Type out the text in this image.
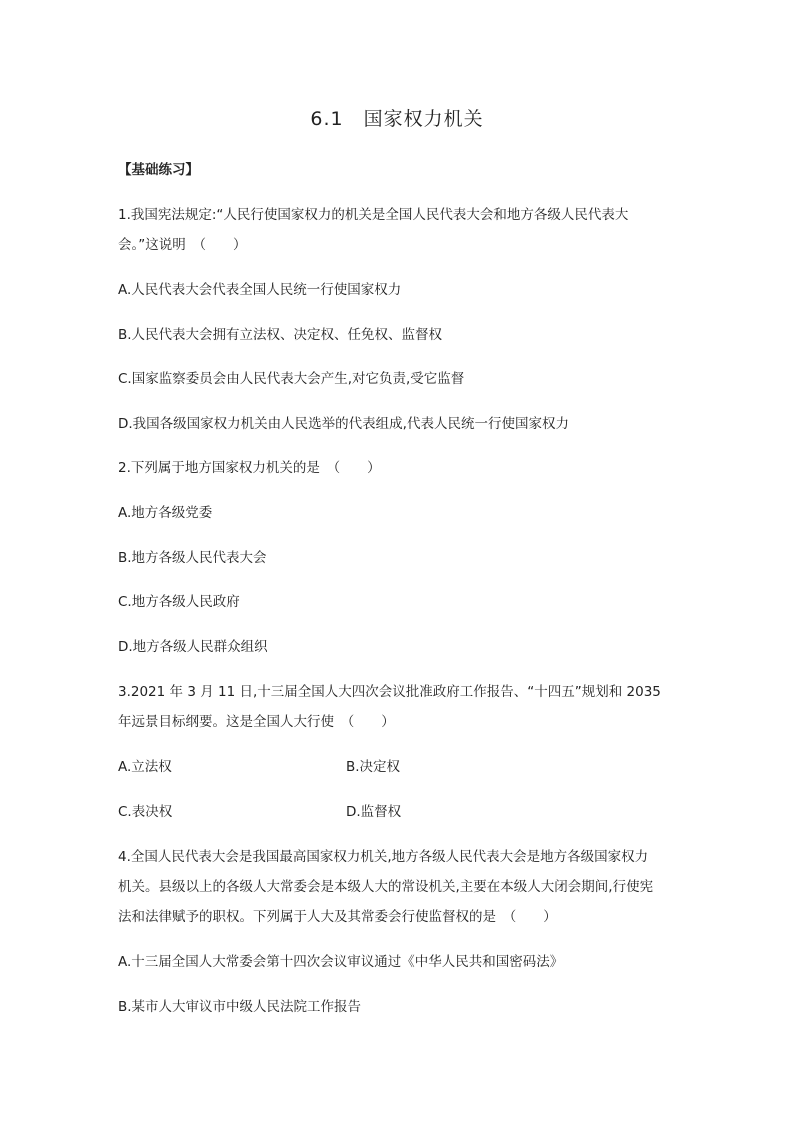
6.1　国家权力机关
【基础练习】
1.我国宪法规定:“人民行使国家权力的机关是全国人民代表大会和地方各级人民代表大
会。”这说明　（　　）
A.人民代表大会代表全国人民统一行使国家权力
B.人民代表大会拥有立法权、决定权、任免权、监督权
C.国家监察委员会由人民代表大会产生,对它负责,受它监督
D.我国各级国家权力机关由人民选举的代表组成,代表人民统一行使国家权力
2.下列属于地方国家权力机关的是　（　　）
A.地方各级党委
B.地方各级人民代表大会
C.地方各级人民政府
D.地方各级人民群众组织
3.2021 年 3 月 11 日,十三届全国人大四次会议批准政府工作报告、“十四五”规划和 2035
年远景目标纲要。这是全国人大行使　（　　）
A.立法权	B.决定权
C.表决权	D.监督权
4.全国人民代表大会是我国最高国家权力机关,地方各级人民代表大会是地方各级国家权力
机关。县级以上的各级人大常委会是本级人大的常设机关,主要在本级人大闭会期间,行使宪
法和法律赋予的职权。下列属于人大及其常委会行使监督权的是　（　　）
A.十三届全国人大常委会第十四次会议审议通过《中华人民共和国密码法》
B.某市人大审议市中级人民法院工作报告
